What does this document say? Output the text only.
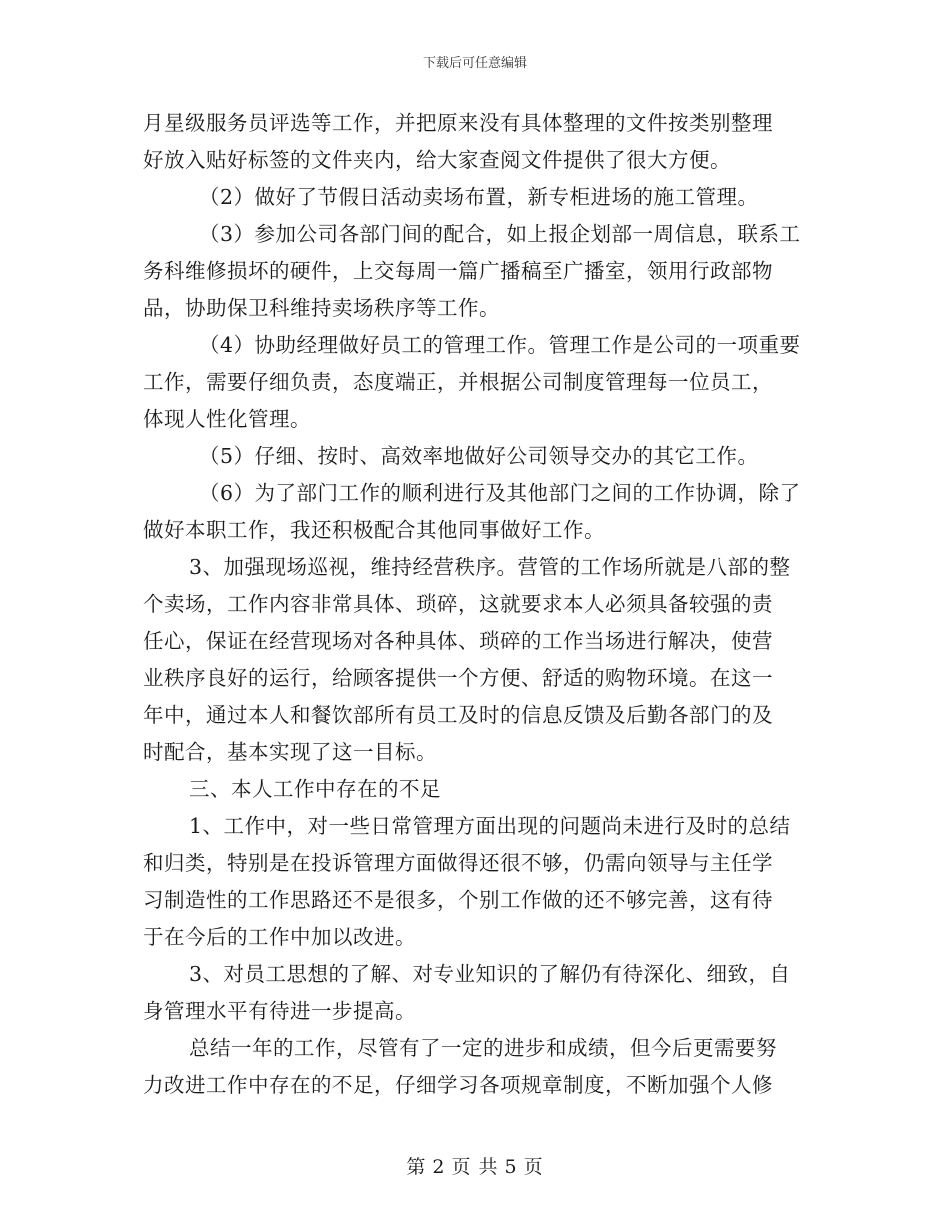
下载后可任意编辑
月星级服务员评选等工作，并把原来没有具体整理的文件按类别整理
好放入贴好标签的文件夹内，给大家查阅文件提供了很大方便。
（2）做好了节假日活动卖场布置，新专柜进场的施工管理。
（3）参加公司各部门间的配合，如上报企划部一周信息，联系工
务科维修损坏的硬件，上交每周一篇广播稿至广播室，领用行政部物
品，协助保卫科维持卖场秩序等工作。
（4）协助经理做好员工的管理工作。管理工作是公司的一项重要
工作，需要仔细负责，态度端正，并根据公司制度管理每一位员工，
体现人性化管理。
（5）仔细、按时、高效率地做好公司领导交办的其它工作。
（6）为了部门工作的顺利进行及其他部门之间的工作协调，除了
做好本职工作，我还积极配合其他同事做好工作。
3、加强现场巡视，维持经营秩序。营管的工作场所就是八部的整
个卖场，工作内容非常具体、琐碎，这就要求本人必须具备较强的责
任心，保证在经营现场对各种具体、琐碎的工作当场进行解决，使营
业秩序良好的运行，给顾客提供一个方便、舒适的购物环境。在这一
年中，通过本人和餐饮部所有员工及时的信息反馈及后勤各部门的及
时配合，基本实现了这一目标。
三、本人工作中存在的不足
1、工作中，对一些日常管理方面出现的问题尚未进行及时的总结
和归类，特别是在投诉管理方面做得还很不够，仍需向领导与主任学
习制造性的工作思路还不是很多，个别工作做的还不够完善，这有待
于在今后的工作中加以改进。
3、对员工思想的了解、对专业知识的了解仍有待深化、细致，自
身管理水平有待进一步提高。
总结一年的工作，尽管有了一定的进步和成绩，但今后更需要努
力改进工作中存在的不足，仔细学习各项规章制度，不断加强个人修
第 2 页 共 5 页
